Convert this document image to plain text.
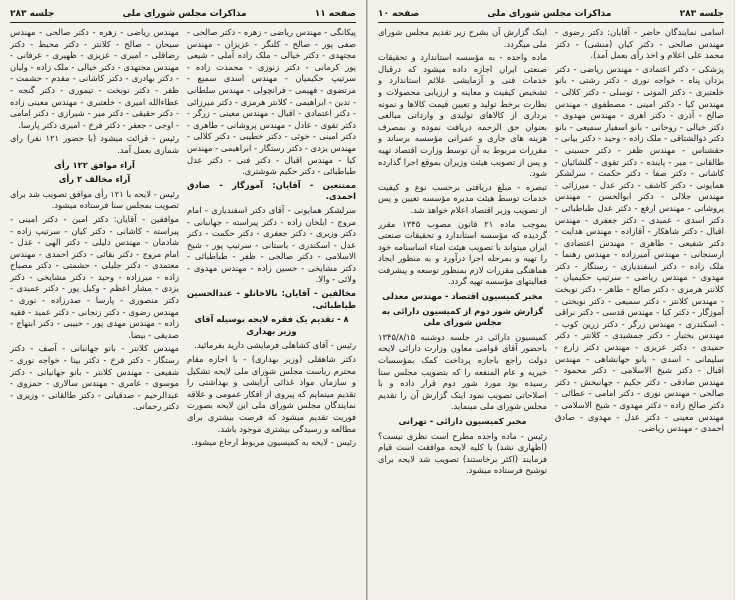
صفحه ۱۱
مذاکرات مجلس شورای ملی
جلسه ۲۸۳

پیکانگی - مهندس ریاضی - زهره - دکتر صالحی - صفی پور - صالح - کلنگر - عزیزان - مهندس مجتهدی - دکتر خیالی - ملک زاده آملی - شیعی پور کرمانی - دکتر زنوزی - محمدت زاده - سرتیپ حکیمیان - مهندس اسدی سمیع - مرتضوی - فهیمی - فرانچولی - مهندس سلطانی - تدین - ابراهیمی - کلانتر هرمزی - دکتر میرزائی - دکتر اعتمادی - اقبال - مهندس معینی - زرگر - دکتر تقوی - عادل - مهندس پروشانی - طاهری - دکتر امینی - خوئی - دکتر خطیبی - دکتر کلالی - مهندس یزدی - دکتر رستگار - ابراهیمی - مهندس کیا - مهندس اقبال - دکتر فنی - دکتر عدل طباطبائی - دکتر حکیم شوشتری.

ممتنعین - آقایان: آموزگار - صادق احمدی.

سرلشکر همایونی - آقای دکتر اسفندیاری - امام مروج - ایلخان زاده - دکتر پیراسته - جهانبانی - دکتر وزیری - دکتر جعفری - دکتر حکمت - دکتر عدل - اسکندری - باستانی - سرتیپ پور - شیخ الاسلامی - دکتر صالحی - ظفر - طباطبائی - دکتر مشایخی - حسین زاده - مهندس مهدوی - ولائی - والا.

مخالفین - آقایان: بالاخانلو - عبدالحسین طباطبائی.

۸ - تقدیم یک فقره لایحه بوسیله آقای وزیر بهداری

رئیس - آقای کشاهلی فرمایشی دارید بفرمائید.

دکتر شاهقلی (وزیر بهداری) - با اجازه مقام محترم ریاست مجلس شورای ملی لایحه تشکیل و سازمان مواد غذائی آرایشی و بهداشتی را تقدیم مینمایم که پیروی از افکار عمومی و علاقه نمایندگان مجلس شورای ملی این لایحه بصورت فوریت تقدیم میشود که فرصت بیشتری برای مطالعه و رسیدگی بیشتری موجود باشد.

رئیس - لایحه به کمیسیون مربوط ارجاع میشود.

مهندس ریاضی - زهره - دکتر صالحی - مهندس سیحان - صالح - کلانتر - دکتر محیط - دکتر رضاقلی - امیری - عزیزی - ظهیری - عرفانی - مهندس مجتهدی - دکتر خیالی - ملک زاده - ولیان - دکتر بهادری - دکتر کاشانی - مقدم - حشمت - ظفر - دکتر نوبخت - تیموری - دکتر گنجه - عطاءالله امیری - خلعتبری - مهندس معینی زاده - دکتر حقیقی - دکتر میر - شیرازی - دکتر امامی - اوجی - جعفر - دکتر فرخ - امیری دکتر پارسا.

رئیس - قرائت میشود (با حضور ۱۲۱ نفر) رای شماری بعمل آمد.

آراء موافق ۱۲۲ رأی

آراء مخالف ۲ رأی

رئیس - لایحه با ۱۲۱ رأی موافق تصویب شد برای تصویب بمجلس سنا فرستاده میشود.

موافقین - آقایان: دکتر امین - دکتر امینی - پیراسته - کاشانی - دکتر کیان - سرتیپ زاده - شادمان - مهندس دلیلی - دکتر الهی - عدل - امام مروج - دکتر بقائی - دکتر احمدی - مهندس معتمدی - دکتر جلیلی - حشمتی - دکتر مصباح زاده - میرزاده - وحید - دکتر مشایخی - دکتر یزدی - مشار اعظم - وکیل پور - دکتر عمیدی - دکتر منصوری - پارسا - صدرزاده - نوری - مهندس رضوی - دکتر زنجانی - دکتر عمید - فقیه زاده - مهندس مهدی پور - حبیبی - دکتر ابتهاج - صدیقی - بیضا.

مهندس کلانتر - بانو جهانبانی - آصف - دکتر رستگار - دکتر فرخ - دکتر بینا - خواجه نوری - شفیعی - مهندس کلانتر - بانو جهانبانی - دکتر موسوی - عامری - مهندس سالاری - حمزوی - عبدالرحیم - صدقیانی - دکتر طالقانی - وزیری - دکتر رحمانی.

جلسه ۲۸۳
مذاکرات مجلس شورای ملی
صفحه ۱۰

اسامی نمایندگان حاضر - آقایان: دکتر رضوی - مهندس صالحی - دکتر کیان (منشی) - دکتر محمد علی اعلام و اخذ رأی بعمل آمد).

پزشکی - دکتر اعتمادی - مهندس ریاضی - دکتر یزدان پناه - خواجه نوری - دکتر رشتی - بانو خلعتبری - دکتر الموتی - توسلی - دکتر کلالی - مهندس کیا - دکتر امینی - مصطفوی - مهندس صالح - آذری - دکتر اهری - مهندس مهدوی - دکتر خیالی - روحانی - بانو اسفیار سمیعی - بانو دکتر ذوالشتاقی - ملک زاده - وحید - دکتر بیانی - حقشناس - مهندس ظفر - دکتر حسینی - طالقانی - میر - پاینده - دکتر تقوی - گلشائیان - کاشانی - دکتر صفا - دکتر حکمت - سرلشکر همایونی - دکتر کاشف - دکتر عدل - میرزائی - مهندس جلالی - دکتر ابوالحسن - مهندس پروشانی - مهندس ارفع - دکتر عدل طباطبائی - دکتر اسدی - عمیدی - دکتر جعفری - مهندس اقبال - دکتر شاهکار - آقازاده - مهندس هدایت - دکتر شفیعی - طاهری - مهندس اعتضادی - ارسنجانی - مهندس آمیرزاده - مهندس رهنما - ملک زاده - دکتر اسفندیاری - رستگار - دکتر مهدوی - مهندس ریاضی - سرتیپ حکیمیان - کلانتر هرمزی - دکتر صالح - طاهر - دکتر نوبخت - مهندس کلانتر - دکتر سمیعی - دکتر نوبختی - آموزگار - دکتر کیا - مهندس قدسی - دکتر نراقی - اسکندری - مهندس زرگر - دکتر زرین کوب - مهندس بختیار - دکتر جمشیدی - کلانتر - دکتر حمیدی - دکتر عزیزی - مهندس دکتر زارع - سلیمانی - اسدی - بانو جهانشاهی - مهندس اقبال - دکتر شیخ الاسلامی - دکتر محمود - مهندس صادقی - دکتر حکیم - جهانبخش - دکتر صالحی - مهندس نوری - دکتر امامی - عطائی - دکتر صالح زاده - دکتر مهدوی - شیخ الاسلامی - مهندس معینی - دکتر عدل - مهدوی - صادق احمدی - مهندس ریاضی.

اینک گزارش آن بشرح زیر تقدیم مجلس شورای ملی میگردد.

ماده واحده - به مؤسسه استاندارد و تحقیقات صنعتی ایران اجازه داده میشود که درقبال خدمات فنی و آزمایشی علائم استاندارد و تشخیص کیفیت و معاینه و ارزیابی محصولات و نظارت برخط تولید و تعیین قیمت کالاها و نمونه برداری از کالاهای تولیدی و وارداتی مبالغی بعنوان حق الزحمه دریافت نموده و بمصرف هزینه های جاری و عمرانی مؤسسه برساند و مقررات مربوط به آن توسط وزارت اقتصاد تهیه و پس از تصویب هیئت وزیران بموقع اجرا گذارده شود.

تبصره - مبلغ دریافتی برحسب نوع و کیفیت خدمات توسط هیئت مدیره مؤسسه تعیین و پس از تصویب وزیر اقتصاد اعلام خواهد شد.

بموجب ماده ۲۱ قانون مصوب ۱۳۴۵ مقرر گردیده که مؤسسه استاندارد و تحقیقات صنعتی ایران میتواند با تصویب هیئت امناء اساسنامه خود را تهیه و بمرحله اجرا درآورد و به منظور ایجاد هماهنگی مقررات لازم بمنظور توسعه و پیشرفت فعالیتهای مؤسسه تهیه گردد.

مخبر کمیسیون اقتصاد - مهندس معدلی

گزارش شور دوم از کمیسیون دارائی به مجلس شورای ملی

کمیسیون دارائی در جلسه دوشنبه ۱۳۴۵/۸/۱۵ باحضور آقای قوامی معاون وزارت دارائی لایحه دولت راجع باجازه پرداخت کمک بمؤسسات خیریه و عام المنفعه را که بتصویب مجلس سنا رسیده بود مورد شور دوم قرار داده و با اصلاحاتی تصویب نمود اینک گزارش آن را تقدیم مجلس شورای ملی مینماید.

مخبر کمیسیون دارائی - تهرانی

رئیس - ماده واحده مطرح است نظری نیست؟ (اظهاری نشد) با کلیه لایحه موافقت است قیام فرمایند (اکثر برخاستند) تصویب شد لایحه برای توشیح فرستاده میشود.
